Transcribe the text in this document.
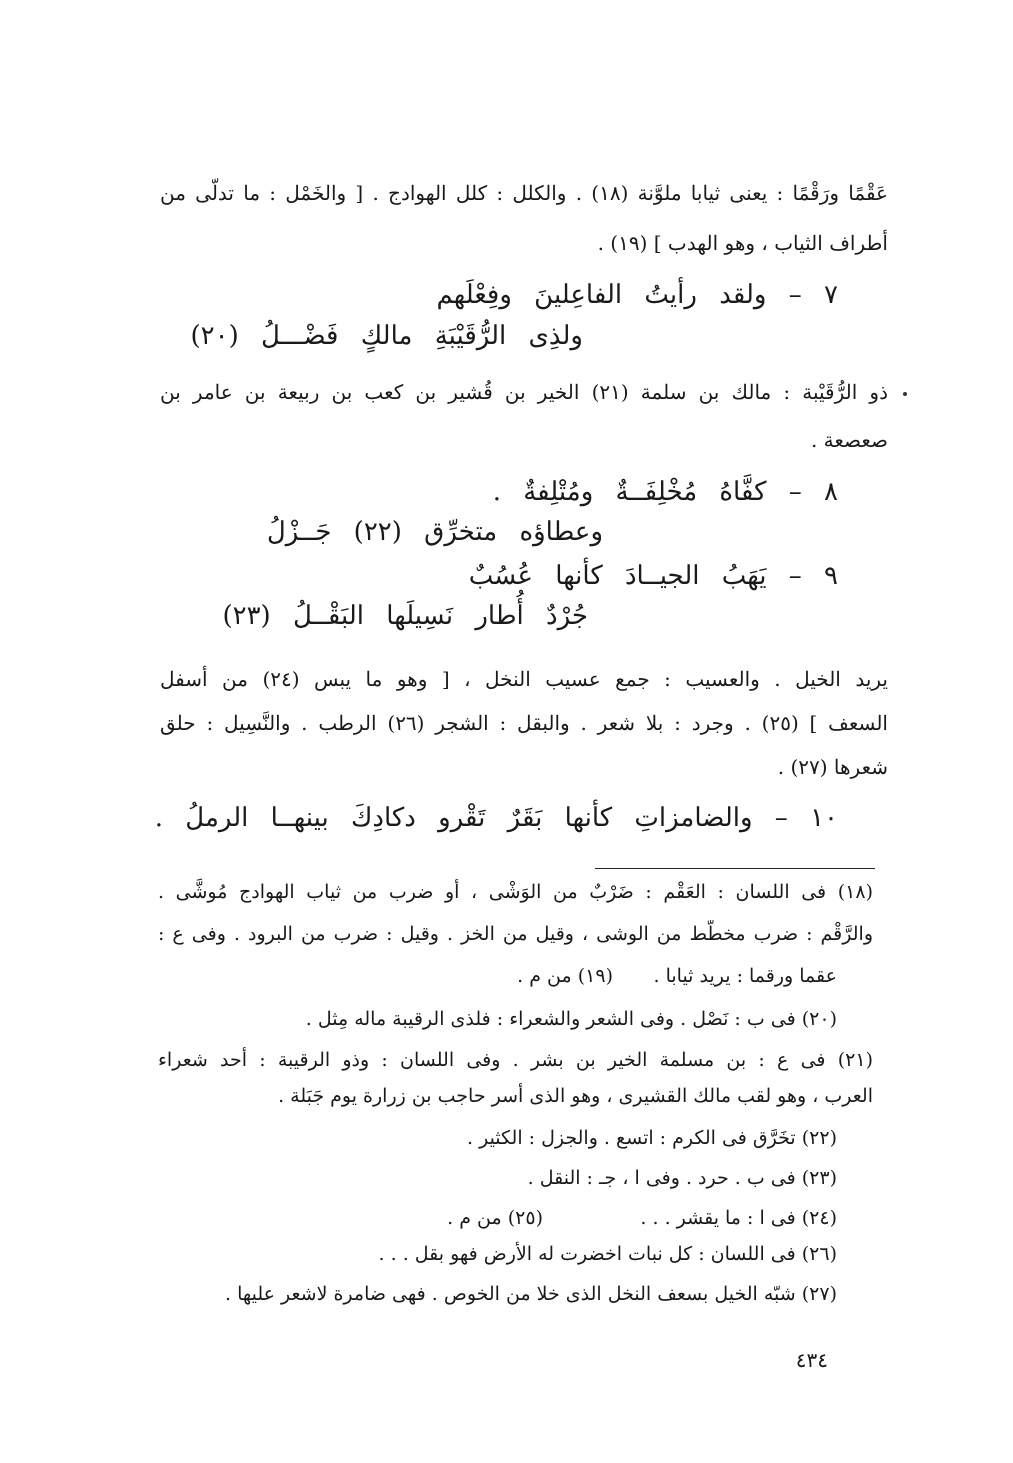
عَقْمًا ورَقْمًا : يعنى ثيابا ملوَّنة (١٨) . والكلل : كلل الهوادج . [ والخَمْل : ما تدلَّى من
أطراف الثياب ، وهو الهدب ] (١٩) .
٧ – ولقد رأيتُ الفاعِلينَ وفِعْلَهم
ولذِى الرُّقَيْبَةِ مالكٍ فَضْـــلُ (٢٠)
ذو الرُّقَيْبة : مالك بن سلمة (٢١) الخير بن قُشير بن كعب بن ربيعة بن عامر بن
صعصعة .
٨ – كفَّاهُ مُخْلِفَــةٌ ومُتْلِفةٌ .
وعطاؤه متخرِّق (٢٢) جَــزْلُ
٩ – يَهَبُ الجيــادَ كأنها عُسُبٌ
جُرْدٌ أُطار نَسِيلَها البَقْــلُ (٢٣)
يريد الخيل . والعسيب : جمع عسيب النخل ، [ وهو ما يبس (٢٤) من أسفل
السعف ] (٢٥) . وجرد : بلا شعر . والبقل : الشجر (٢٦) الرطب . والنَّسِيل : حلق
شعرها (٢٧) .
١٠ – والضامزاتِ كأنها بَقَرٌ تَقْرو دكادِكَ بينهــا الرملُ .
(١٨) فى اللسان : العَقْم : ضَرْبٌ من الوَشْى ، أو ضرب من ثياب الهوادج مُوشَّى .
والرَّقْم : ضرب مخطَّط من الوشى ، وقيل من الخز . وقيل : ضرب من البرود . وفى ع :
عقما ورقما : يريد ثيابا .
(١٩) من م .
(٢٠) فى ب : نَصْل . وفى الشعر والشعراء : فلذى الرقيبة ماله مِثل .
(٢١) فى ع : بن مسلمة الخير بن بشر . وفى اللسان : وذو الرقيبة : أحد شعراء
العرب ، وهو لقب مالك القشيرى ، وهو الذى أسر حاجب بن زرارة يوم جَبَلة .
(٢٢) تخَرَّق فى الكرم : اتسع . والجزل : الكثير .
(٢٣) فى ب . حرد . وفى ا ، جـ : النقل .
(٢٤) فى ا : ما يقشر . . .
(٢٥) من م .
(٢٦) فى اللسان : كل نبات اخضرت له الأرض فهو بقل . . .
(٢٧) شبّه الخيل بسعف النخل الذى خلا من الخوص . فهى ضامرة لاشعر عليها .
٤٣٤
